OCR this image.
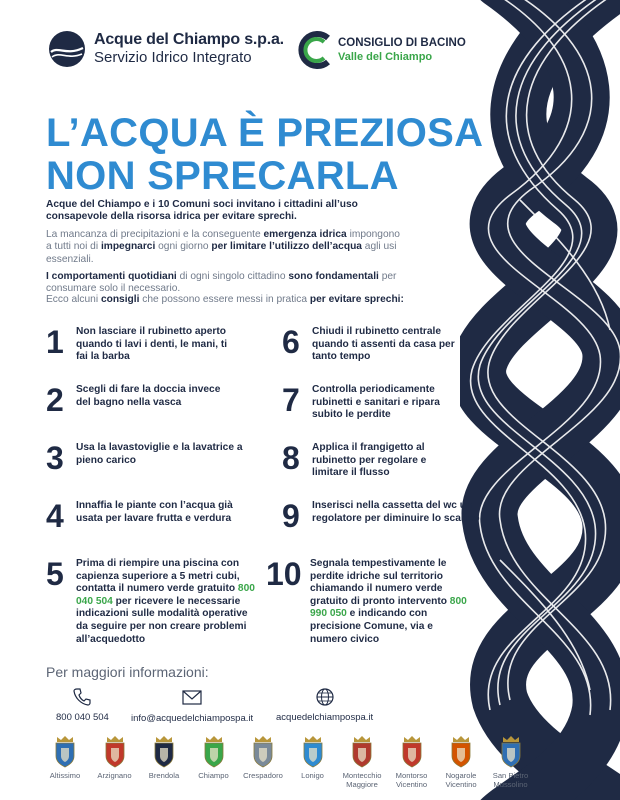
Acque del Chiampo s.p.a.
Servizio Idrico Integrato
CONSIGLIO DI BACINO
Valle del Chiampo
L’ACQUA È PREZIOSA
NON SPRECARLA

Acque del Chiampo e i 10 Comuni soci invitano i cittadini all’uso consapevole della risorsa idrica per evitare sprechi.

La mancanza di precipitazioni e la conseguente emergenza idrica impongono a tutti noi di impegnarci ogni giorno per limitare l’utilizzo dell’acqua agli usi essenziali.

I comportamenti quotidiani di ogni singolo cittadino sono fondamentali per consumare solo il necessario.

Ecco alcuni consigli che possono essere messi in pratica per evitare sprechi:
1	Non lasciare il rubinetto aperto quando ti lavi i denti, le mani, ti fai la barba
2	Scegli di fare la doccia invece del bagno nella vasca
3	Usa la lavastoviglie e la lavatrice a pieno carico
4	Innaffia le piante con l’acqua già usata per lavare frutta e verdura
5	Prima di riempire una piscina con capienza superiore a 5 metri cubi, contatta il numero verde gratuito 800 040 504 per ricevere le necessarie indicazioni sulle modalità operative da seguire per non creare problemi all’acquedotto
6	Chiudi il rubinetto centrale quando ti assenti da casa per tanto tempo
7	Controlla periodicamente rubinetti e sanitari e ripara subito le perdite
8	Applica il frangigetto al rubinetto per regolare e limitare il flusso
9	Inserisci nella cassetta del wc un regolatore per diminuire lo scarico
10 Segnala tempestivamente le perdite idriche sul territorio chiamando il numero verde gratuito di pronto intervento 800 990 050 e indicando con precisione Comune, via e numero civico
Per maggiori informazioni:
800 040 504 info@acquedelchiampospa.it acquedelchiampospa.it
Altissimo	Arzignano	Brendola	Chiampo	Crespadoro	Lonigo	Montecchio Maggiore
Montorso Vicentino
Nogarole Vicentino
San Pietro Mussolino
